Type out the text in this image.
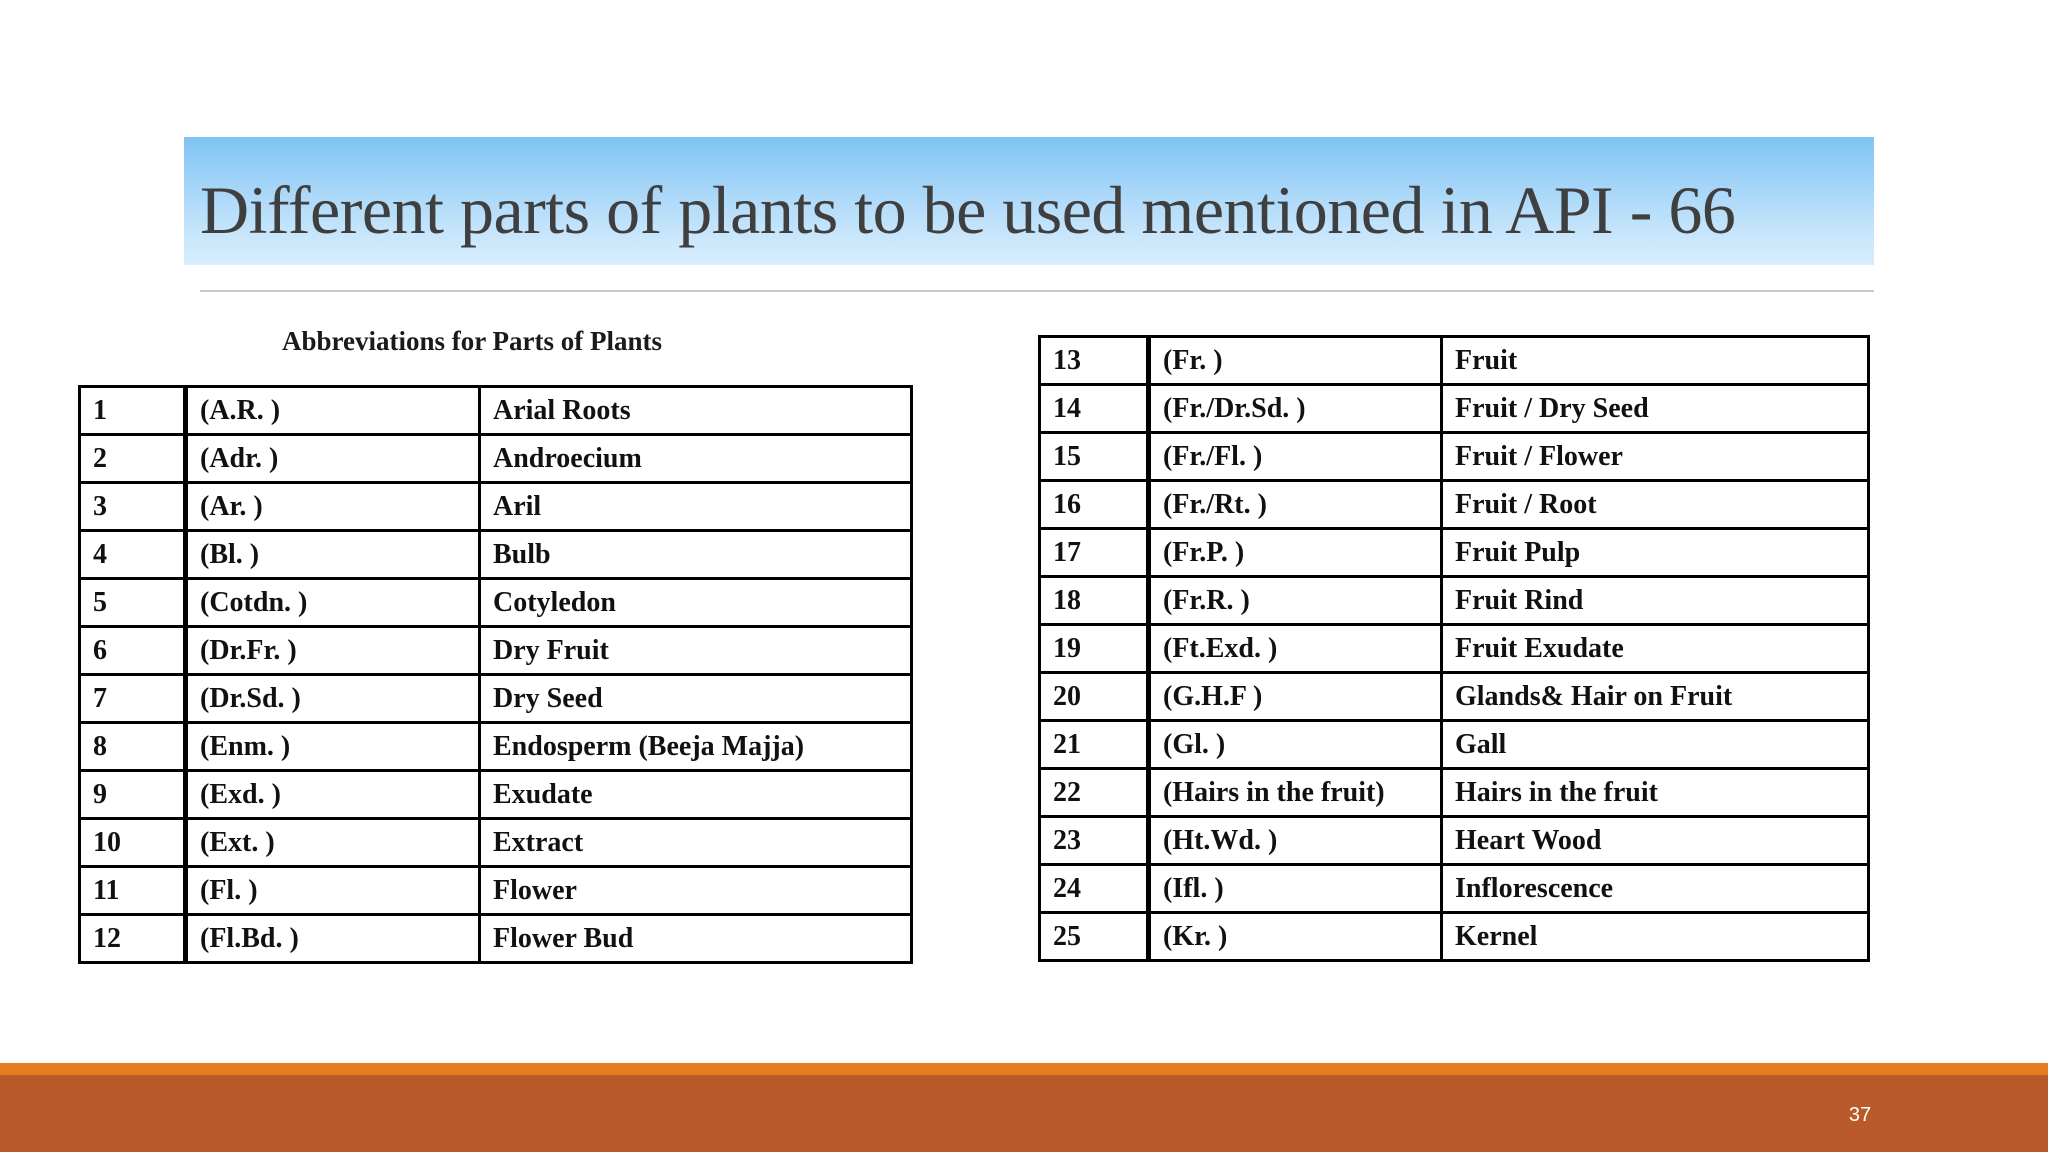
Different parts of plants to be used mentioned in API - 66
Abbreviations for Parts of Plants
1	(A.R. )	Arial Roots
2	(Adr. )	Androecium
3	(Ar. )	Aril
4	(Bl. )	Bulb
5	(Cotdn. )	Cotyledon
6	(Dr.Fr. )	Dry Fruit
7	(Dr.Sd. )	Dry Seed
8	(Enm. )	Endosperm (Beeja Majja)
9	(Exd. )	Exudate
10	(Ext. )	Extract
11	(Fl. )	Flower
12	(Fl.Bd. )	Flower Bud
13	(Fr. )	Fruit
14	(Fr./Dr.Sd. )	Fruit / Dry Seed
15	(Fr./Fl. )	Fruit / Flower
16	(Fr./Rt. )	Fruit / Root
17	(Fr.P. )	Fruit Pulp
18	(Fr.R. )	Fruit Rind
19	(Ft.Exd. )	Fruit Exudate
20	(G.H.F )	Glands& Hair on Fruit
21	(Gl. )	Gall
22	(Hairs in the fruit)	Hairs in the fruit
23	(Ht.Wd. )	Heart Wood
24	(Ifl. )	Inflorescence
25	(Kr. )	Kernel
37
